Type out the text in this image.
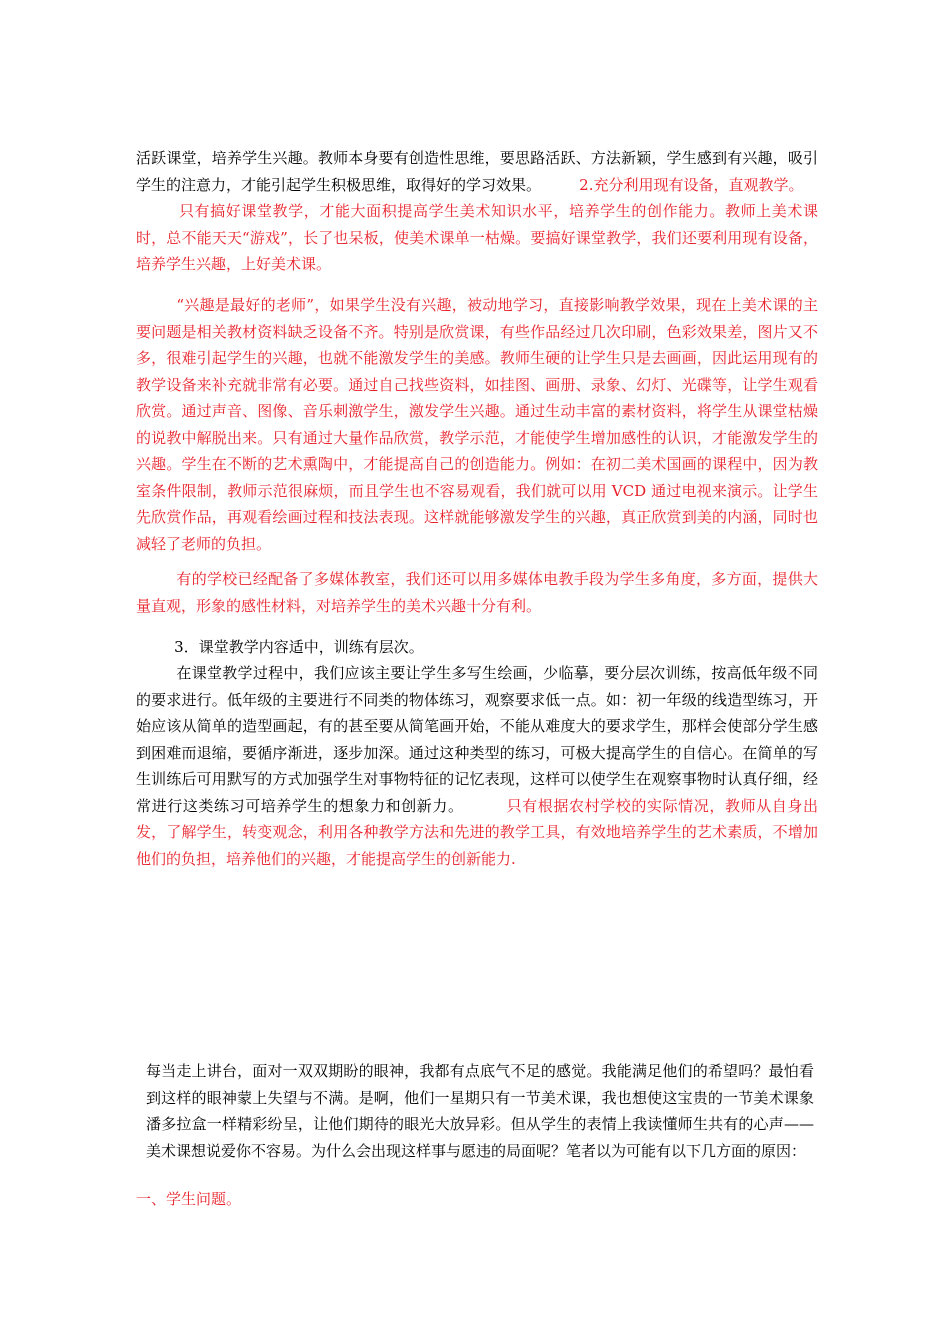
活跃课堂，培养学生兴趣。教师本身要有创造性思维，要思路活跃、方法新颖，学生感到有兴趣，吸引学生的注意力，才能引起学生积极思维，取得好的学习效果。        2.充分利用现有设备，直观教学。

只有搞好课堂教学，才能大面积提高学生美术知识水平，培养学生的创作能力。教师上美术课时，总不能天天“游戏”，长了也呆板，使美术课单一枯燥。要搞好课堂教学，我们还要利用现有设备，培养学生兴趣，上好美术课。

“兴趣是最好的老师”，如果学生没有兴趣，被动地学习，直接影响教学效果，现在上美术课的主要问题是相关教材资料缺乏设备不齐。特别是欣赏课，有些作品经过几次印刷，色彩效果差，图片又不多，很难引起学生的兴趣，也就不能激发学生的美感。教师生硬的让学生只是去画画，因此运用现有的教学设备来补充就非常有必要。通过自己找些资料，如挂图、画册、录象、幻灯、光碟等，让学生观看欣赏。通过声音、图像、音乐刺激学生，激发学生兴趣。通过生动丰富的素材资料，将学生从课堂枯燥的说教中解脱出来。只有通过大量作品欣赏，教学示范，才能使学生增加感性的认识，才能激发学生的兴趣。学生在不断的艺术熏陶中，才能提高自己的创造能力。例如：在初二美术国画的课程中，因为教室条件限制，教师示范很麻烦，而且学生也不容易观看，我们就可以用 VCD 通过电视来演示。让学生先欣赏作品，再观看绘画过程和技法表现。这样就能够激发学生的兴趣，真正欣赏到美的内涵，同时也减轻了老师的负担。

有的学校已经配备了多媒体教室，我们还可以用多媒体电教手段为学生多角度，多方面，提供大量直观，形象的感性材料，对培养学生的美术兴趣十分有利。

3．课堂教学内容适中，训练有层次。

在课堂教学过程中，我们应该主要让学生多写生绘画，少临摹，要分层次训练，按高低年级不同的要求进行。低年级的主要进行不同类的物体练习，观察要求低一点。如：初一年级的线造型练习，开始应该从简单的造型画起，有的甚至要从简笔画开始，不能从难度大的要求学生，那样会使部分学生感到困难而退缩，要循序渐进，逐步加深。通过这种类型的练习，可极大提高学生的自信心。在简单的写生训练后可用默写的方式加强学生对事物特征的记忆表现，这样可以使学生在观察事物时认真仔细，经常进行这类练习可培养学生的想象力和创新力。        只有根据农村学校的实际情况，教师从自身出发，了解学生，转变观念，利用各种教学方法和先进的教学工具，有效地培养学生的艺术素质，不增加他们的负担，培养他们的兴趣，才能提高学生的创新能力.

每当走上讲台，面对一双双期盼的眼神，我都有点底气不足的感觉。我能满足他们的希望吗？最怕看到这样的眼神蒙上失望与不满。是啊，他们一星期只有一节美术课，我也想使这宝贵的一节美术课象潘多拉盒一样精彩纷呈，让他们期待的眼光大放异彩。但从学生的表情上我读懂师生共有的心声——美术课想说爱你不容易。为什么会出现这样事与愿违的局面呢？笔者以为可能有以下几方面的原因：

一、学生问题。
